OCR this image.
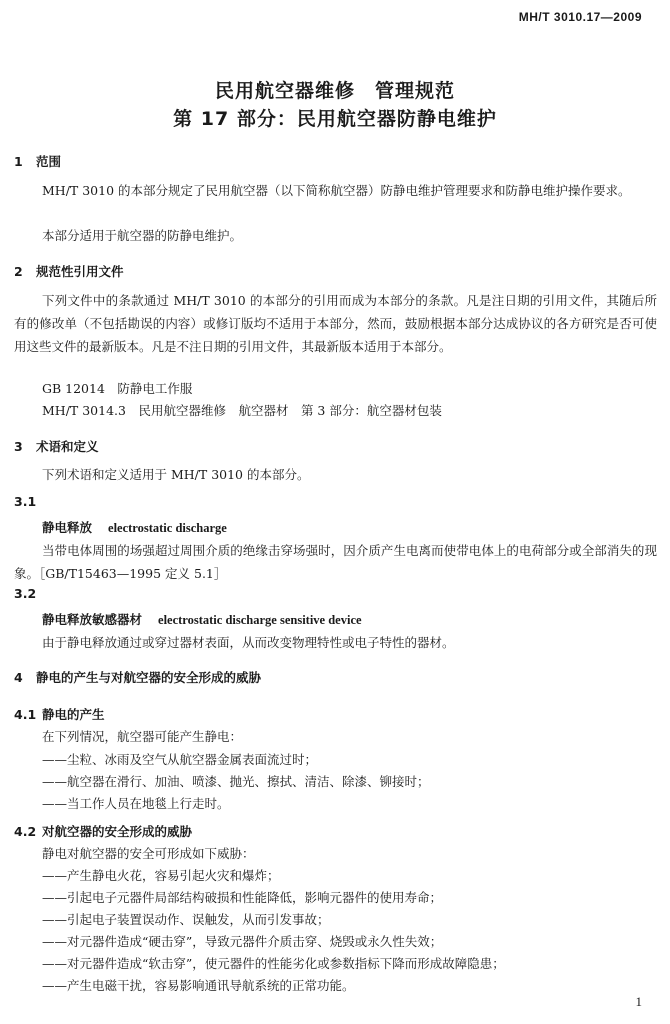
MH/T 3010.17—2009
民用航空器维修　管理规范
第 17 部分：民用航空器防静电维护
1 范围
MH/T 3010 的本部分规定了民用航空器（以下简称航空器）防静电维护管理要求和防静电维护操作要求。
本部分适用于航空器的防静电维护。
2 规范性引用文件
下列文件中的条款通过 MH/T 3010 的本部分的引用而成为本部分的条款。凡是注日期的引用文件，其随后所有的修改单（不包括勘误的内容）或修订版均不适用于本部分，然而，鼓励根据本部分达成协议的各方研究是否可使用这些文件的最新版本。凡是不注日期的引用文件，其最新版本适用于本部分。
GB 12014　防静电工作服
MH/T 3014.3　民用航空器维修　航空器材　第 3 部分：航空器材包装
3 术语和定义
下列术语和定义适用于 MH/T 3010 的本部分。
3.1
静电释放 electrostatic discharge
当带电体周围的场强超过周围介质的绝缘击穿场强时，因介质产生电离而使带电体上的电荷部分或全部消失的现象。［GB/T15463—1995 定义 5.1］
3.2
静电释放敏感器材 electrostatic discharge sensitive device
由于静电释放通过或穿过器材表面，从而改变物理特性或电子特性的器材。
4 静电的产生与对航空器的安全形成的威胁
4.1 静电的产生
在下列情况，航空器可能产生静电：
——尘粒、冰雨及空气从航空器金属表面流过时；
——航空器在滑行、加油、喷漆、抛光、擦拭、清洁、除漆、铆接时；
——当工作人员在地毯上行走时。
4.2 对航空器的安全形成的威胁
静电对航空器的安全可形成如下威胁：
——产生静电火花，容易引起火灾和爆炸；
——引起电子元器件局部结构破损和性能降低，影响元器件的使用寿命；
——引起电子装置误动作、误触发，从而引发事故；
——对元器件造成“硬击穿”，导致元器件介质击穿、烧毁或永久性失效；
——对元器件造成“软击穿”，使元器件的性能劣化或参数指标下降而形成故障隐患；
——产生电磁干扰，容易影响通讯导航系统的正常功能。
1
